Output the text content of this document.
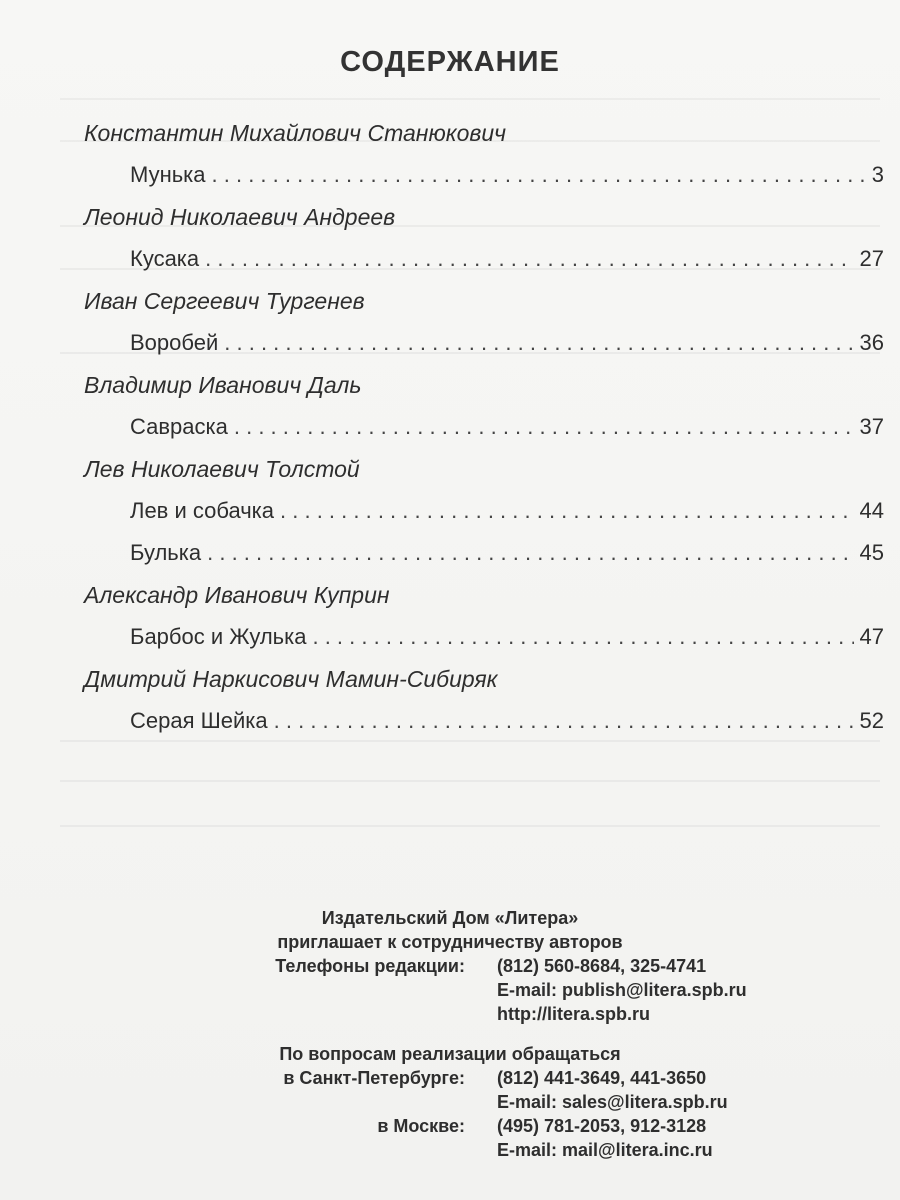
СОДЕРЖАНИЕ
Константин Михайлович Станюкович
Мунька . . .	3
Леонид Николаевич Андреев
Кусака . . .	27
Иван Сергеевич Тургенев
Воробей . . .	36
Владимир Иванович Даль
Савраска . . .	37
Лев Николаевич Толстой
Лев и собачка . . .	44
Булька . . .	45
Александр Иванович Куприн
Барбос и Жулька . . .	47
Дмитрий Наркисович Мамин-Сибиряк
Серая Шейка . . .	52
Издательский Дом «Литера»
приглашает к сотрудничеству авторов
Телефоны редакции: (812) 560-8684, 325-4741
E-mail: publish@litera.spb.ru
http://litera.spb.ru
По вопросам реализации обращаться
в Санкт-Петербурге: (812) 441-3649, 441-3650
E-mail: sales@litera.spb.ru
в Москве: (495) 781-2053, 912-3128
E-mail: mail@litera.inc.ru
